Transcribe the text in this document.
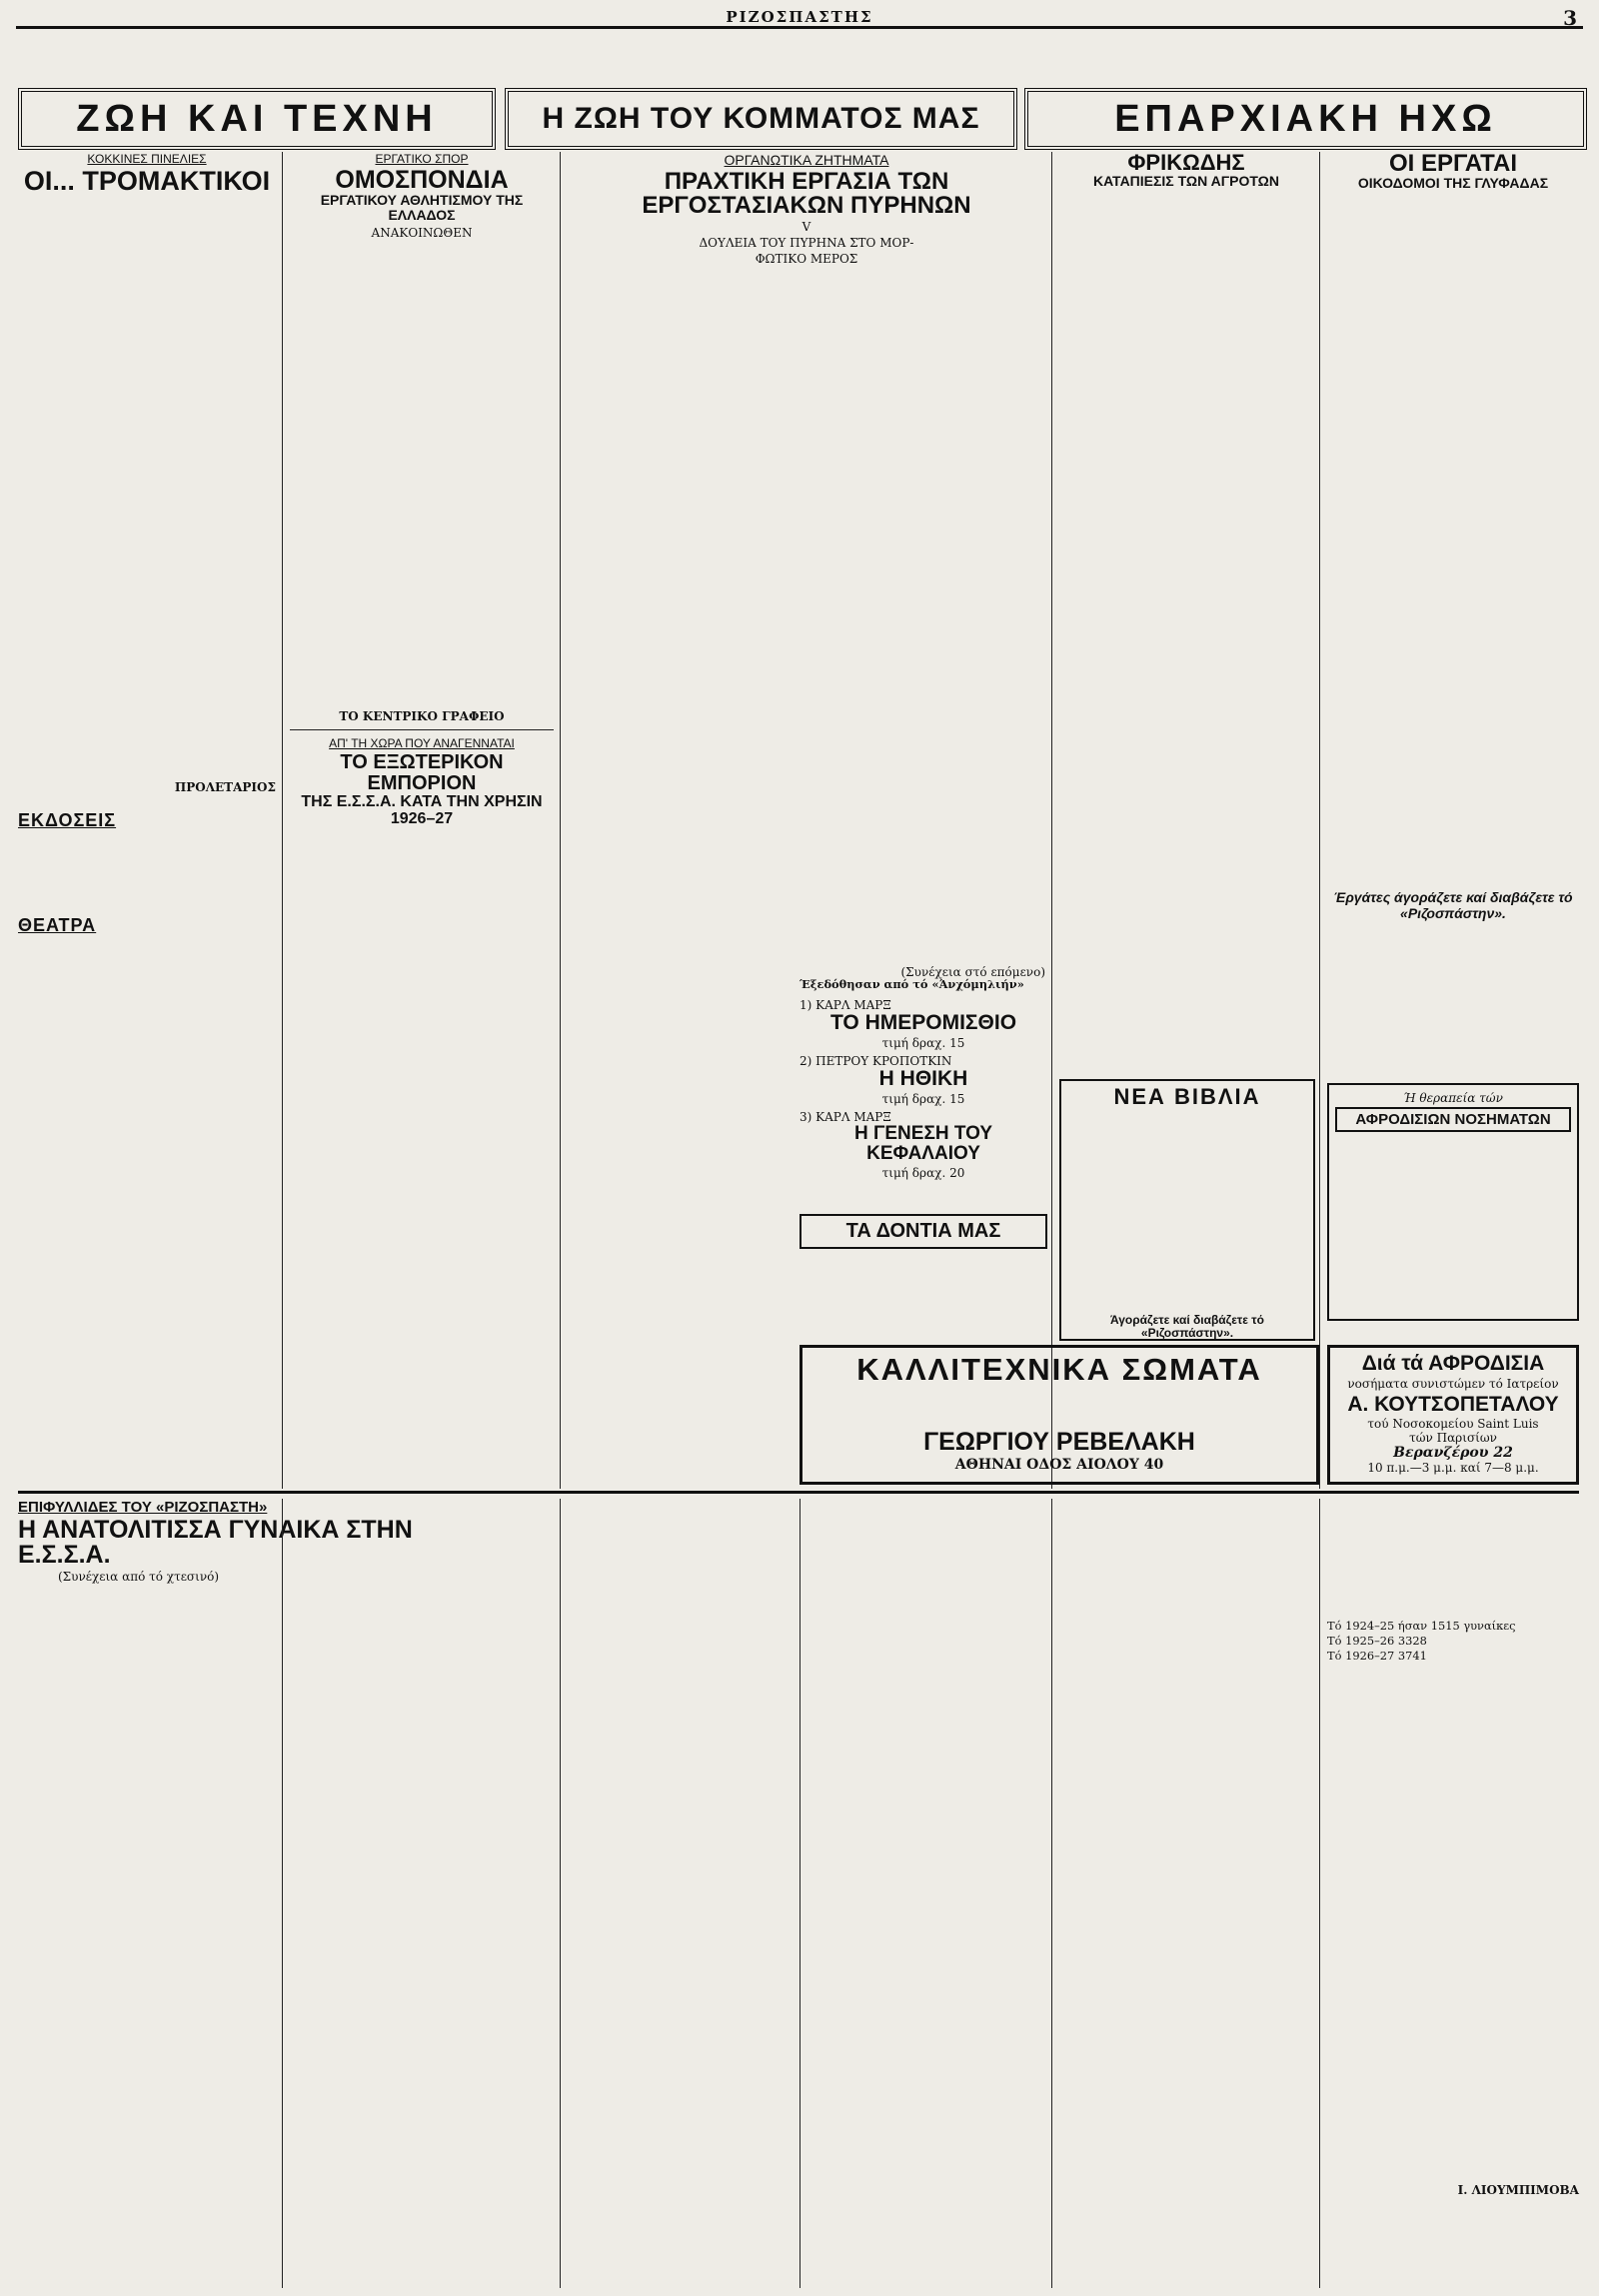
ΡΙΖΟΣΠΑΣΤΗΣ	3
ΖΩΗ ΚΑΙ ΤΕΧΝΗ	Η ΖΩΗ ΤΟΥ ΚΟΜΜΑΤΟΣ ΜΑΣ	ΕΠΑΡΧΙΑΚΗ ΗΧΩ
ΚΟΚΚΙΝΕΣ ΠΙΝΕΛΙΕΣ
ΟΙ... ΤΡΟΜΑΚΤΙΚΟΙ
ΠΡΟΛΕΤΑΡΙΟΣ
ΕΚΔΟΣΕΙΣ
ΘΕΑΤΡΑ
ΕΡΓΑΤΙΚΟ ΣΠΟΡ
ΟΜΟΣΠΟΝΔΙΑ
ΕΡΓΑΤΙΚΟΥ ΑΘΛΗΤΙΣΜΟΥ ΤΗΣ ΕΛΛΑΔΟΣ
ΑΝΑΚΟΙΝΩΘΕΝ
ΤΟ ΚΕΝΤΡΙΚΟ ΓΡΑΦΕΙΟ
ΑΠ' ΤΗ ΧΩΡΑ ΠΟΥ ΑΝΑΓΕΝΝΑΤΑΙ
ΤΟ ΕΞΩΤΕΡΙΚΟΝ ΕΜΠΟΡΙΟΝ
ΤΗΣ Ε.Σ.Σ.Α. ΚΑΤΑ ΤΗΝ ΧΡΗΣΙΝ 1926–27
ΟΡΓΑΝΩΤΙΚΑ ΖΗΤΗΜΑΤΑ
ΠΡΑΧΤΙΚΗ ΕΡΓΑΣΙΑ ΤΩΝ ΕΡΓΟΣΤΑΣΙΑΚΩΝ ΠΥΡΗΝΩΝ
V
ΔΟΥΛΕΙΑ ΤΟΥ ΠΥΡΗΝΑ ΣΤΟ ΜΟΡ-
ΦΩΤΙΚΟ ΜΕΡΟΣ
(Συνέχεια στό επόμενο)
Έξεδόθησαν από τό «Άνχόμηλιήν»
1) ΚΑΡΛ ΜΑΡΞ
ΤΟ ΗΜΕΡΟΜΙΣΘΙΟ
τιμή δραχ. 15
2) ΠΕΤΡΟΥ ΚΡΟΠΟΤΚΙΝ
Η ΗΘΙΚΗ
τιμή δραχ. 15
3) ΚΑΡΛ ΜΑΡΞ
Η ΓΕΝΕΣΗ ΤΟΥ ΚΕΦΑΛΑΙΟΥ
τιμή δραχ. 20
ΤΑ ΔΟΝΤΙΑ ΜΑΣ
ΦΡΙΚΩΔΗΣ
ΚΑΤΑΠΙΕΣΙΣ ΤΩΝ ΑΓΡΟΤΩΝ
ΝΕΑ ΒΙΒΛΙΑ
Άγοράζετε καί διαβάζετε τό «Ριζοσπάστην».
ΟΙ ΕΡΓΑΤΑΙ
ΟΙΚΟΔΟΜΟΙ ΤΗΣ ΓΛΥΦΑΔΑΣ
Έργάτες άγοράζετε καί διαβάζετε τό «Ριζοσπάστην».
Ή θεραπεία τών
ΑΦΡΟΔΙΣΙΩΝ ΝΟΣΗΜΑΤΩΝ
ΚΑΛΛΙΤΕΧΝΙΚΑ ΣΩΜΑΤΑ
ΓΕΩΡΓΙΟΥ ΡΕΒΕΛΑΚΗ
ΑΘΗΝΑΙ ΟΔΟΣ ΑΙΟΛΟΥ 40
Διά τά ΑΦΡΟΔΙΣΙΑ
νοσήματα συνιστώμεν τό Ιατρείον
Α. ΚΟΥΤΣΟΠΕΤΑΛΟΥ
τού Νοσοκομείου Saint Luis
τών Παρισίων
Βερανζέρου 22
10 π.μ.—3 μ.μ. καί 7—8 μ.μ.
ΕΠΙΦΥΛΛΙΔΕΣ ΤΟΥ «ΡΙΖΟΣΠΑΣΤΗ»
Η ΑΝΑΤΟΛΙΤΙΣΣΑ ΓΥΝΑΙΚΑ ΣΤΗΝ Ε.Σ.Σ.Α.
(Συνέχεια από τό χτεσινό)
Τό 1924–25 ήσαν 1515 γυναίκες
Τό 1925–26 3328
Τό 1926–27 3741
I. ΛΙΟΥΜΠΙΜΟΒΑ
